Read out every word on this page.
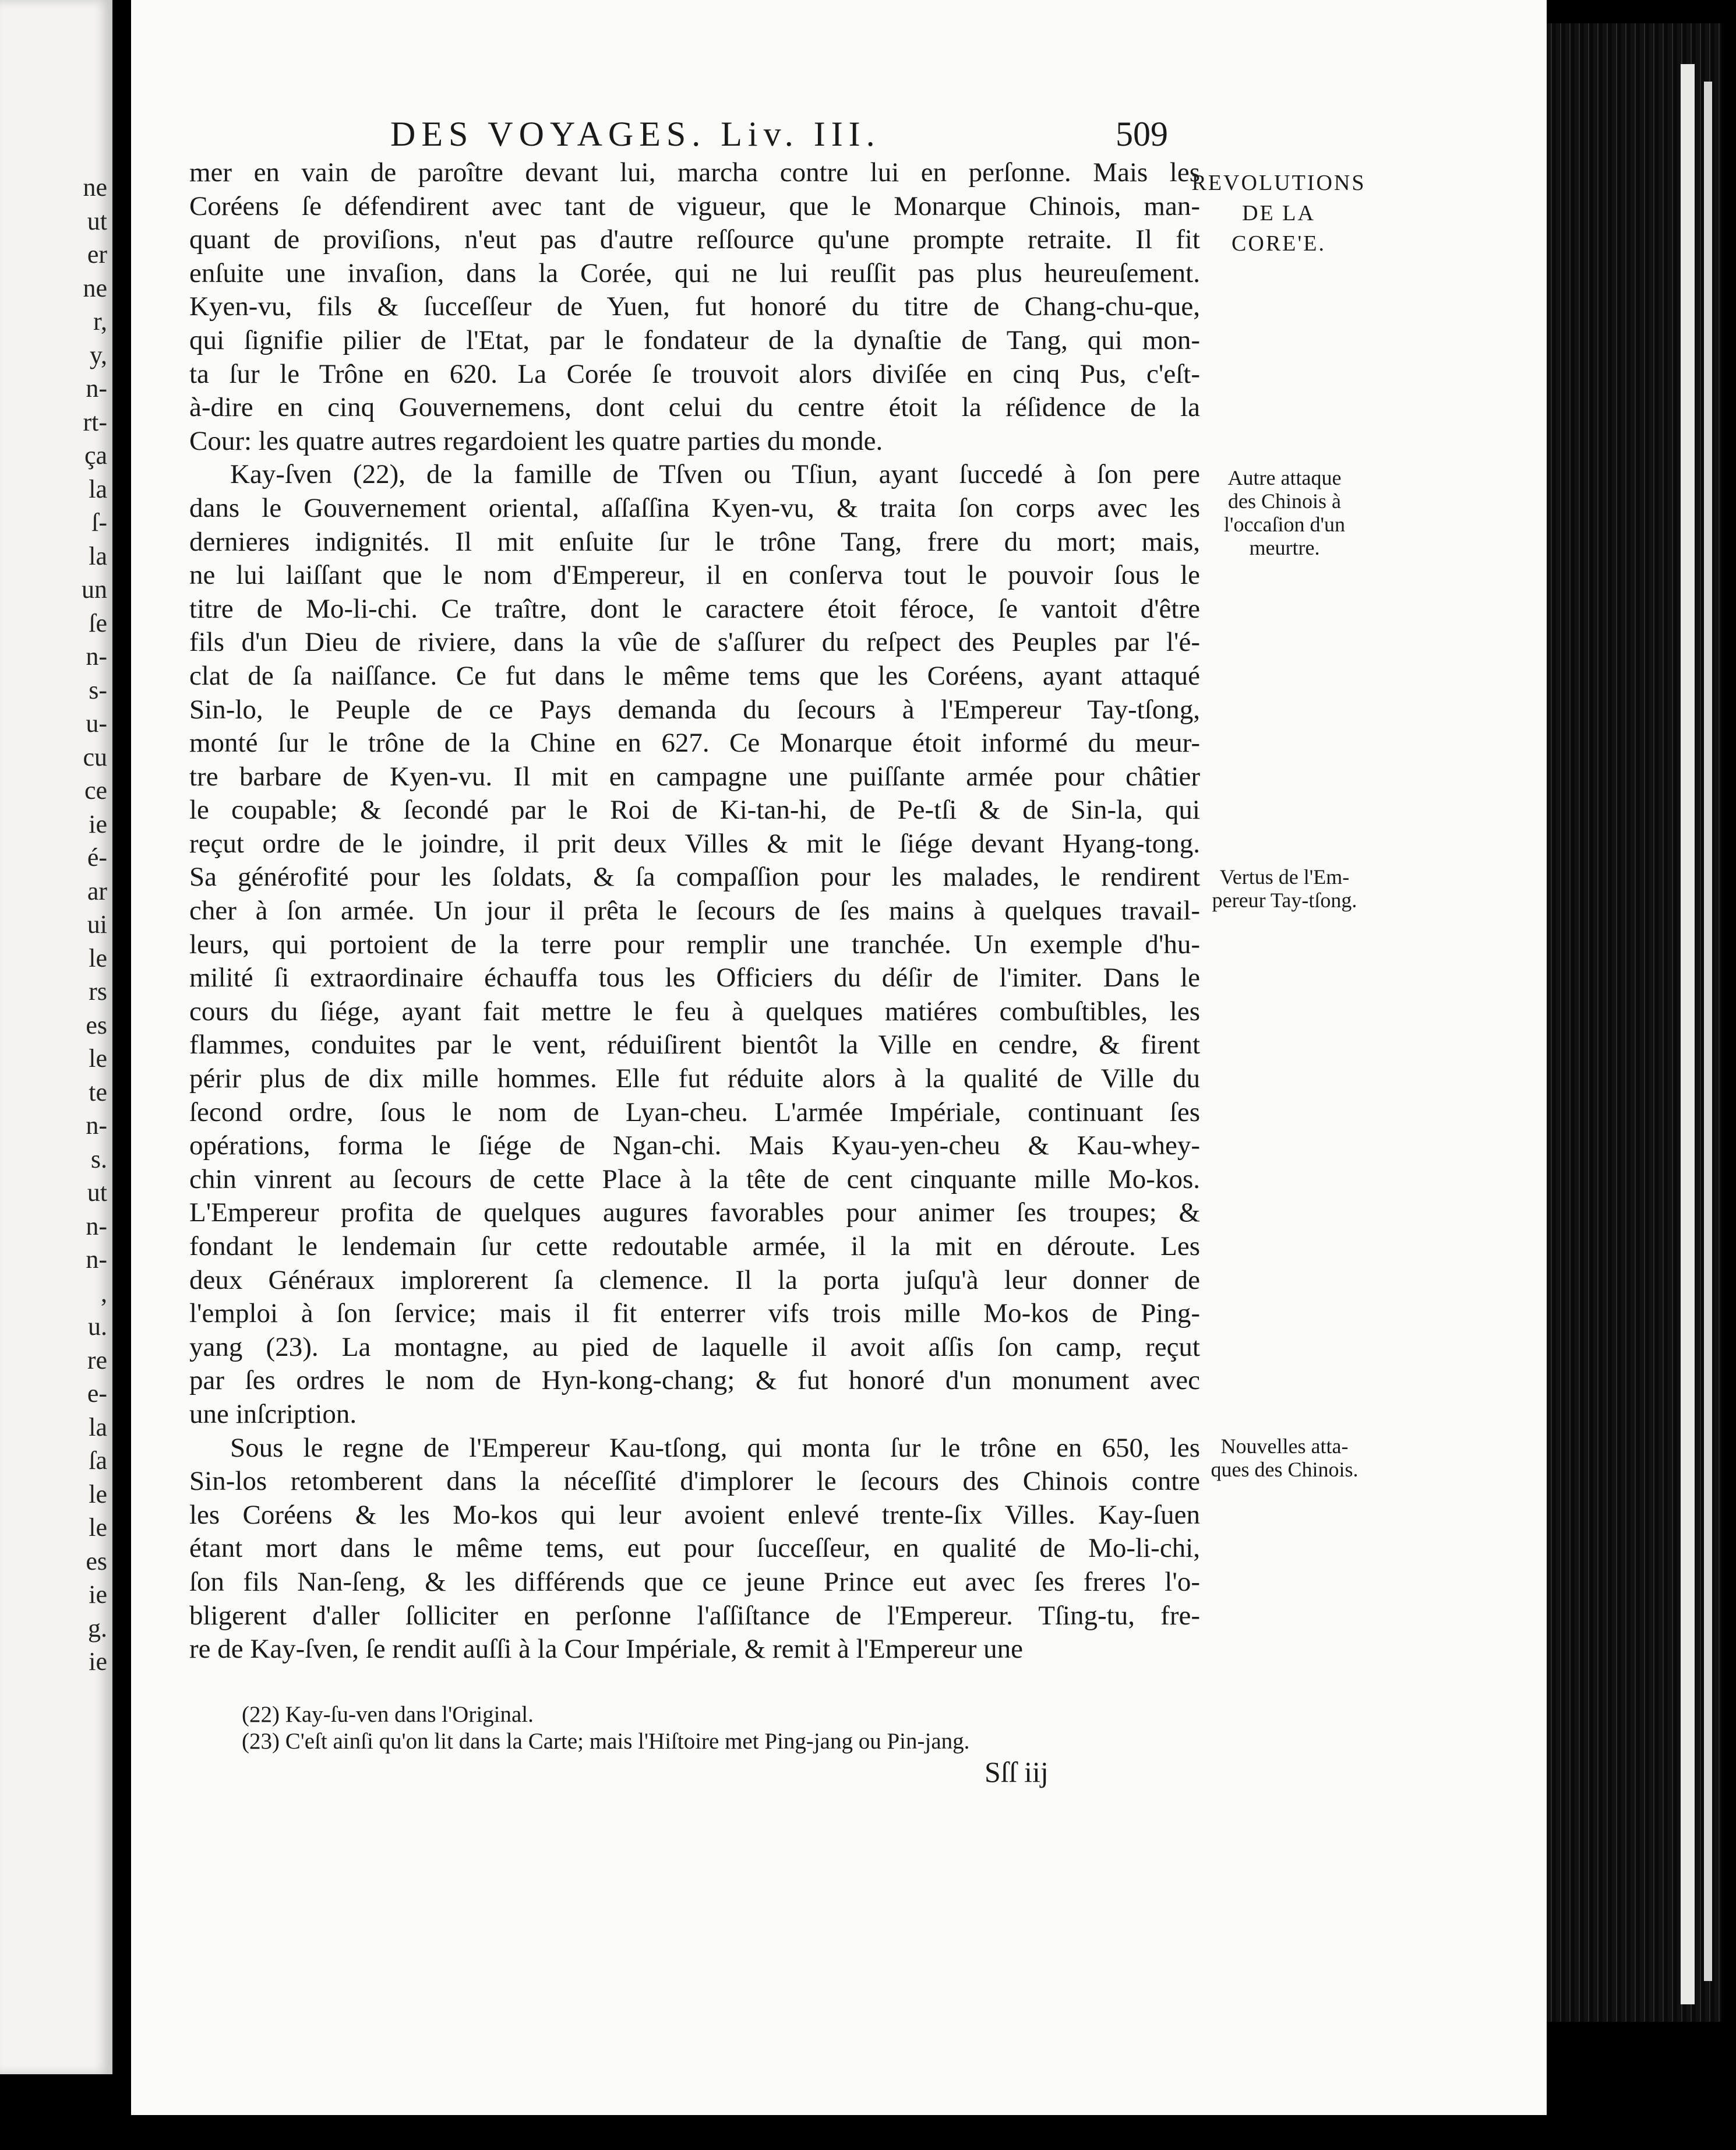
ne
ut
er
ne
r,
y,
n-
rt-
ça
la
ſ-
la
un
ſe
n-
s-
u-
cu
ce
ie
é-
ar
ui
le
rs
es
le
te
n-
s.
ut
n-
n-
,
u.
re
e-
la
ſa
le
le
es
ie
g.
ie
DES VOYAGES. Liv. III.	509
mer en vain de paroître devant lui, marcha contre lui en perſonne. Mais les
Coréens ſe défendirent avec tant de vigueur, que le Monarque Chinois, man-
quant de proviſions, n'eut pas d'autre reſſource qu'une prompte retraite. Il fit
enſuite une invaſion, dans la Corée, qui ne lui reuſſit pas plus heureuſement.
Kyen-vu, fils & ſucceſſeur de Yuen, fut honoré du titre de Chang-chu-que,
qui ſignifie pilier de l'Etat, par le fondateur de la dynaſtie de Tang, qui mon-
ta ſur le Trône en 620. La Corée ſe trouvoit alors diviſée en cinq Pus, c'eſt-
à-dire en cinq Gouvernemens, dont celui du centre étoit la réſidence de la
Cour: les quatre autres regardoient les quatre parties du monde.
Kay-ſven (22), de la famille de Tſven ou Tſiun, ayant ſuccedé à ſon pere
dans le Gouvernement oriental, aſſaſſina Kyen-vu, & traita ſon corps avec les
dernieres indignités. Il mit enſuite ſur le trône Tang, frere du mort; mais,
ne lui laiſſant que le nom d'Empereur, il en conſerva tout le pouvoir ſous le
titre de Mo-li-chi. Ce traître, dont le caractere étoit féroce, ſe vantoit d'être
fils d'un Dieu de riviere, dans la vûe de s'aſſurer du reſpect des Peuples par l'é-
clat de ſa naiſſance. Ce fut dans le même tems que les Coréens, ayant attaqué
Sin-lo, le Peuple de ce Pays demanda du ſecours à l'Empereur Tay-tſong,
monté ſur le trône de la Chine en 627. Ce Monarque étoit informé du meur-
tre barbare de Kyen-vu. Il mit en campagne une puiſſante armée pour châtier
le coupable; & ſecondé par le Roi de Ki-tan-hi, de Pe-tſi & de Sin-la, qui
reçut ordre de le joindre, il prit deux Villes & mit le ſiége devant Hyang-tong.
Sa générofité pour les ſoldats, & ſa compaſſion pour les malades, le rendirent
cher à ſon armée. Un jour il prêta le ſecours de ſes mains à quelques travail-
leurs, qui portoient de la terre pour remplir une tranchée. Un exemple d'hu-
milité ſi extraordinaire échauffa tous les Officiers du déſir de l'imiter. Dans le
cours du ſiége, ayant fait mettre le feu à quelques matiéres combuſtibles, les
flammes, conduites par le vent, réduiſirent bientôt la Ville en cendre, & firent
périr plus de dix mille hommes. Elle fut réduite alors à la qualité de Ville du
ſecond ordre, ſous le nom de Lyan-cheu. L'armée Impériale, continuant ſes
opérations, forma le ſiége de Ngan-chi. Mais Kyau-yen-cheu & Kau-whey-
chin vinrent au ſecours de cette Place à la tête de cent cinquante mille Mo-kos.
L'Empereur profita de quelques augures favorables pour animer ſes troupes; &
fondant le lendemain ſur cette redoutable armée, il la mit en déroute. Les
deux Généraux implorerent ſa clemence. Il la porta juſqu'à leur donner de
l'emploi à ſon ſervice; mais il fit enterrer vifs trois mille Mo-kos de Ping-
yang (23). La montagne, au pied de laquelle il avoit aſſis ſon camp, reçut
par ſes ordres le nom de Hyn-kong-chang; & fut honoré d'un monument avec
une inſcription.
Sous le regne de l'Empereur Kau-tſong, qui monta ſur le trône en 650, les
Sin-los retomberent dans la néceſſité d'implorer le ſecours des Chinois contre
les Coréens & les Mo-kos qui leur avoient enlevé trente-ſix Villes. Kay-ſuen
étant mort dans le même tems, eut pour ſucceſſeur, en qualité de Mo-li-chi,
ſon fils Nan-ſeng, & les différends que ce jeune Prince eut avec ſes freres l'o-
bligerent d'aller ſolliciter en perſonne l'aſſiſtance de l'Empereur. Tſing-tu, fre-
re de Kay-ſven, ſe rendit auſſi à la Cour Impériale, & remit à l'Empereur une
REVOLUTIONS
DE LA
CORE'E.
Autre attaque
des Chinois à
l'occaſion d'un
meurtre.
Vertus de l'Em-
pereur Tay-tſong.
Nouvelles atta-
ques des Chinois.
(22) Kay-ſu-ven dans l'Original.
(23) C'eſt ainſi qu'on lit dans la Carte; mais l'Hiſtoire met Ping-jang ou Pin-jang.
Sſſ iij
